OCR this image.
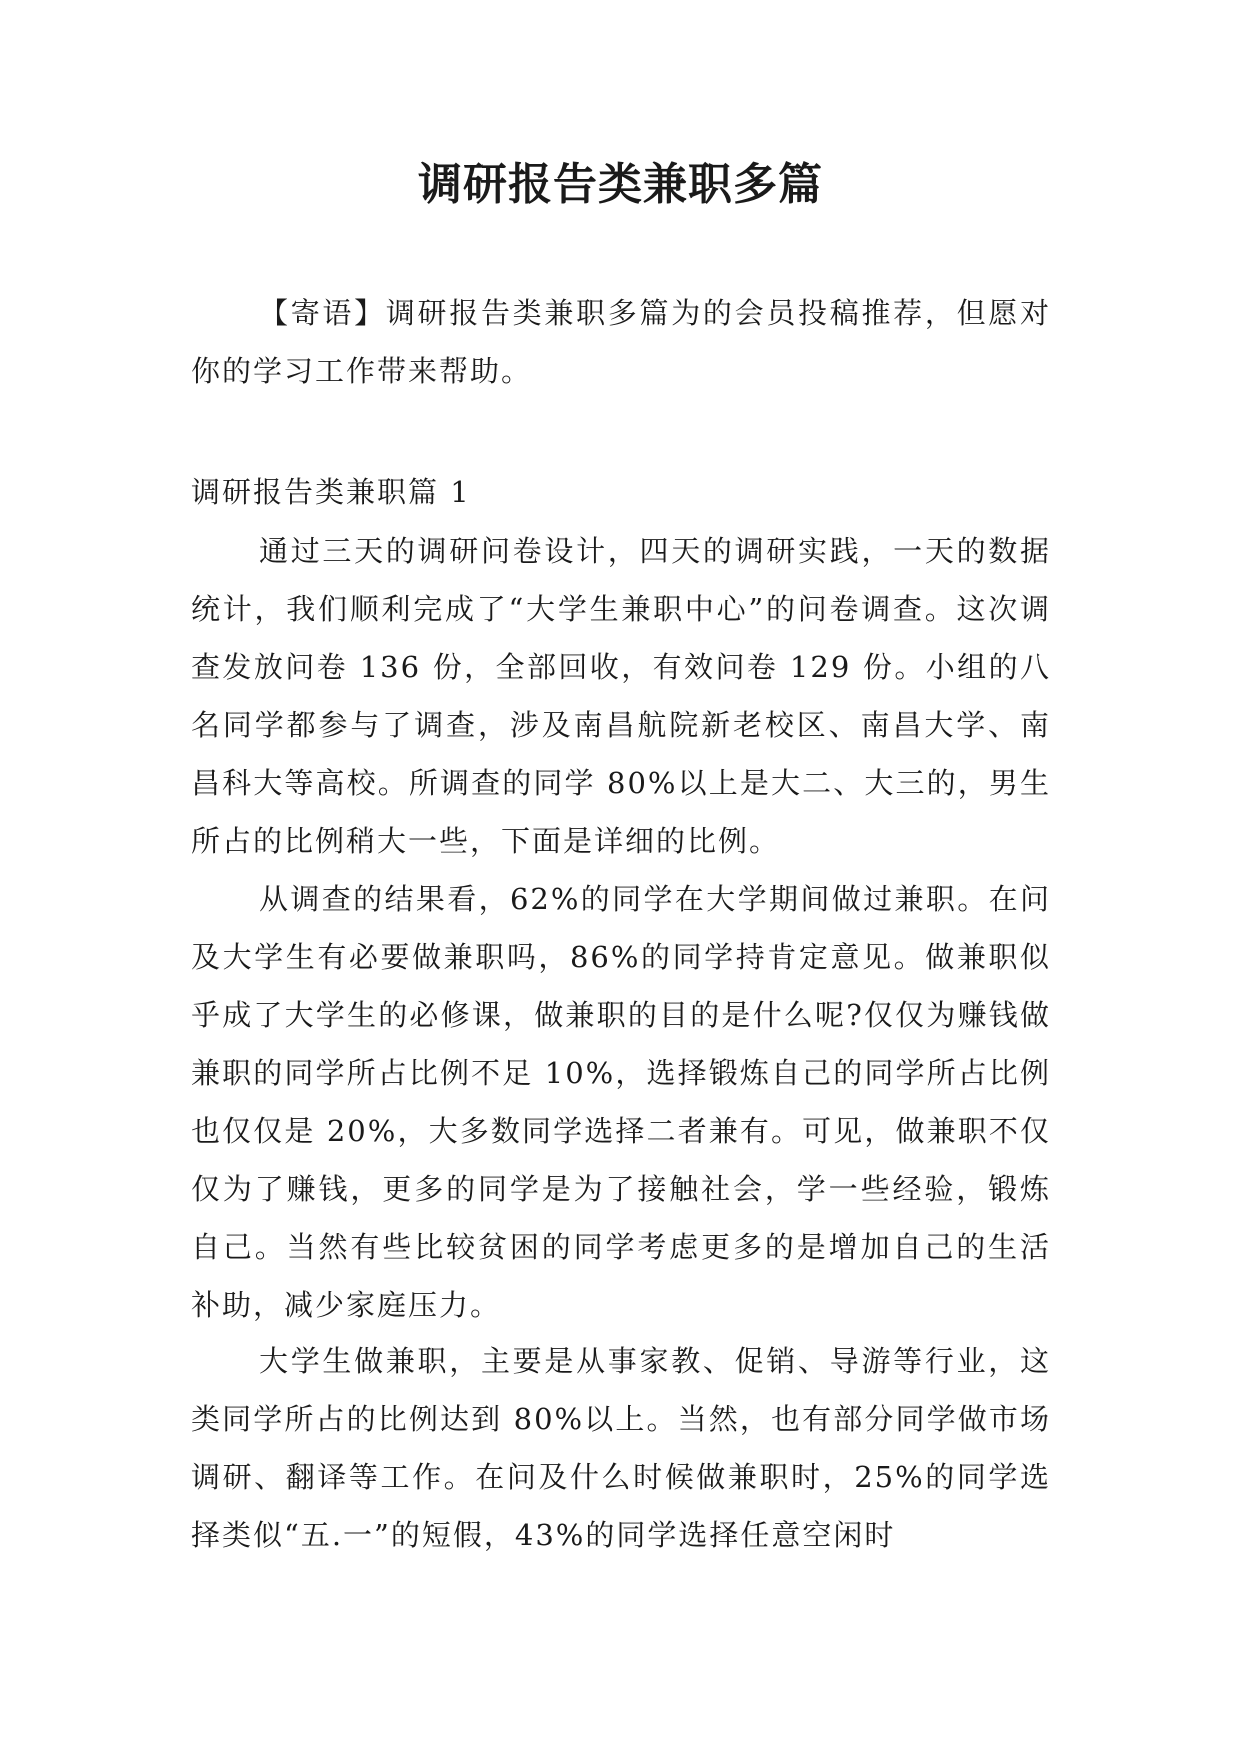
调研报告类兼职多篇

【寄语】调研报告类兼职多篇为的会员投稿推荐，但愿对你的学习工作带来帮助。

调研报告类兼职篇 1

通过三天的调研问卷设计，四天的调研实践，一天的数据统计，我们顺利完成了“大学生兼职中心”的问卷调查。这次调查发放问卷 136 份，全部回收，有效问卷 129 份。小组的八名同学都参与了调查，涉及南昌航院新老校区、南昌大学、南昌科大等高校。所调查的同学 80%以上是大二、大三的，男生所占的比例稍大一些，下面是详细的比例。

从调查的结果看，62%的同学在大学期间做过兼职。在问及大学生有必要做兼职吗，86%的同学持肯定意见。做兼职似乎成了大学生的必修课，做兼职的目的是什么呢?仅仅为赚钱做兼职的同学所占比例不足 10%，选择锻炼自己的同学所占比例也仅仅是 20%，大多数同学选择二者兼有。可见，做兼职不仅仅为了赚钱，更多的同学是为了接触社会，学一些经验，锻炼自己。当然有些比较贫困的同学考虑更多的是增加自己的生活补助，减少家庭压力。

大学生做兼职，主要是从事家教、促销、导游等行业，这类同学所占的比例达到 80%以上。当然，也有部分同学做市场调研、翻译等工作。在问及什么时候做兼职时，25%的同学选择类似“五.一”的短假，43%的同学选择任意空闲时
